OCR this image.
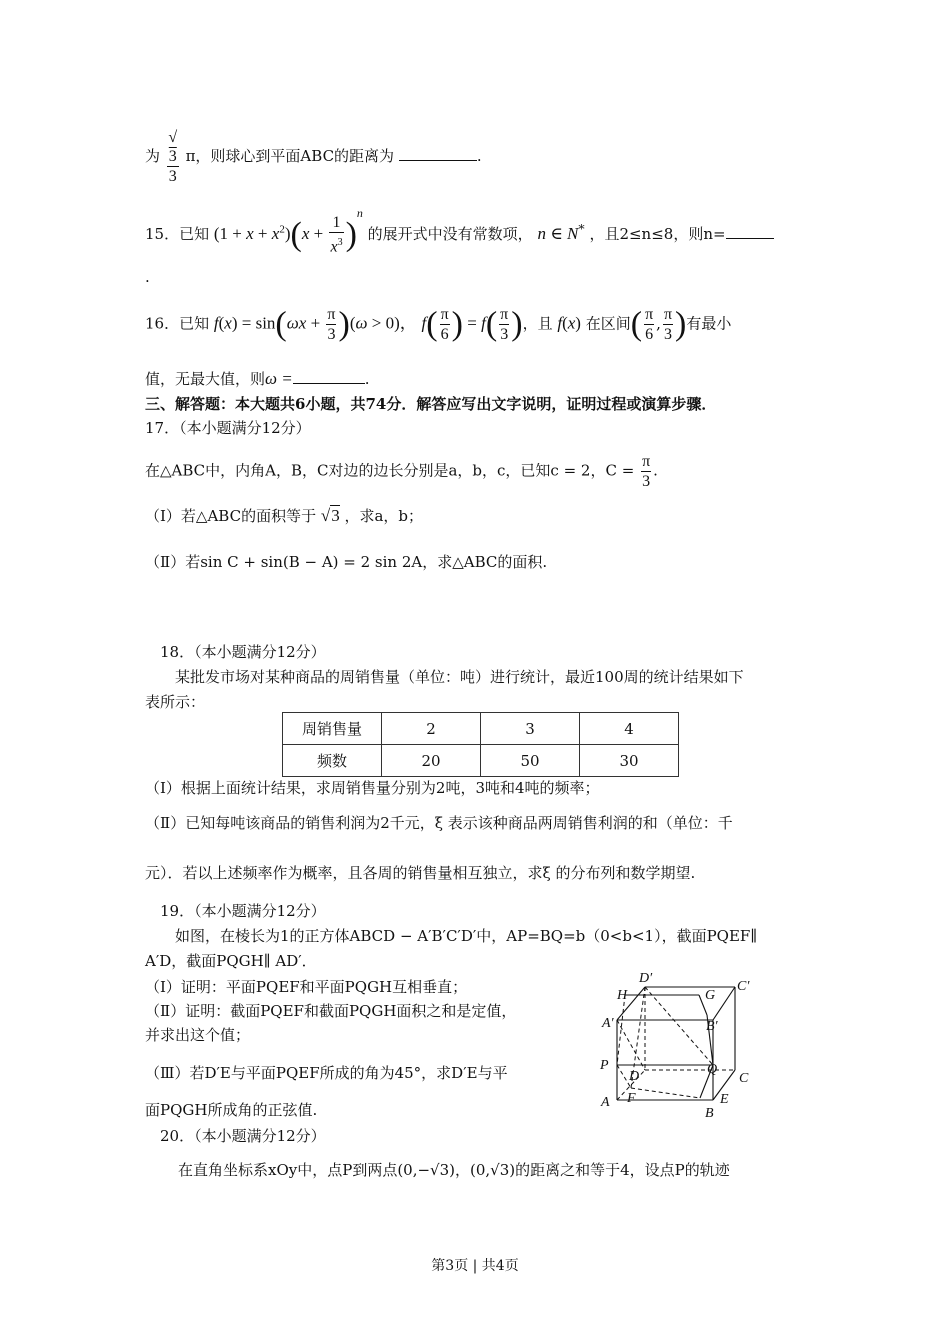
为 √
3
3 π，则球心到平面ABC的距离为	.
15．已知 $(1 + x + x^2)(x + \frac{1}{x^3} )^n$ 的展开式中没有常数项， n ∈ N* ，且2≤n≤8，则n=
.
16．已知 $f(x) = \sin(\omega x + \frac{\pi}{3} )(\omega > 0)$， $f( \frac{\pi}{6}$ ) = $f( \frac{\pi}{3}$ )，且 f(x) 在区间( $\frac{\pi}{6}$ , $\frac{\pi}{3}$ )有最小
值，无最大值，则ω =	.
三、解答题：本大题共6小题，共74分．解答应写出文字说明，证明过程或演算步骤．
17．（本小题满分12分）
在△ABC中，内角A，B，C对边的边长分别是a，b，c，已知c = 2，$C = \frac{\pi}{3}$ .
（Ⅰ）若△ABC的面积等于 √3 ，求a，b；
（Ⅱ）若sin C + sin(B − A) = 2 sin 2A，求△ABC的面积.
18．（本小题满分12分）
某批发市场对某种商品的周销售量（单位：吨）进行统计，最近100周的统计结果如下
表所示：
周销售量	2	3	4
频数	20	50	30
（Ⅰ）根据上面统计结果，求周销售量分别为2吨，3吨和4吨的频率；
（Ⅱ）已知每吨该商品的销售利润为2千元，ξ 表示该种商品两周销售利润的和（单位：千
元）．若以上述频率作为概率，且各周的销售量相互独立，求ξ 的分布列和数学期望.
19．（本小题满分12分）
如图，在棱长为1的正方体ABCD − A′B′C′D′中，AP=BQ=b（0<b<1），截面PQEF∥
A′D，截面PQGH∥ AD′．
（Ⅰ）证明：平面PQEF和平面PQGH互相垂直；
（Ⅱ）证明：截面PQEF和截面PQGH面积之和是定值，
并求出这个值；
（Ⅲ）若D′E与平面PQEF所成的角为45°，求D′E与平
面PQGH所成角的正弦值.
D′
C′
H	G
A′	B′
P	Q
D	C
A F	E
B
20．（本小题满分12分）
在直角坐标系xOy中，点P到两点(0,−√3)，(0,√3)的距离之和等于4，设点P的轨迹
第3页 | 共4页
